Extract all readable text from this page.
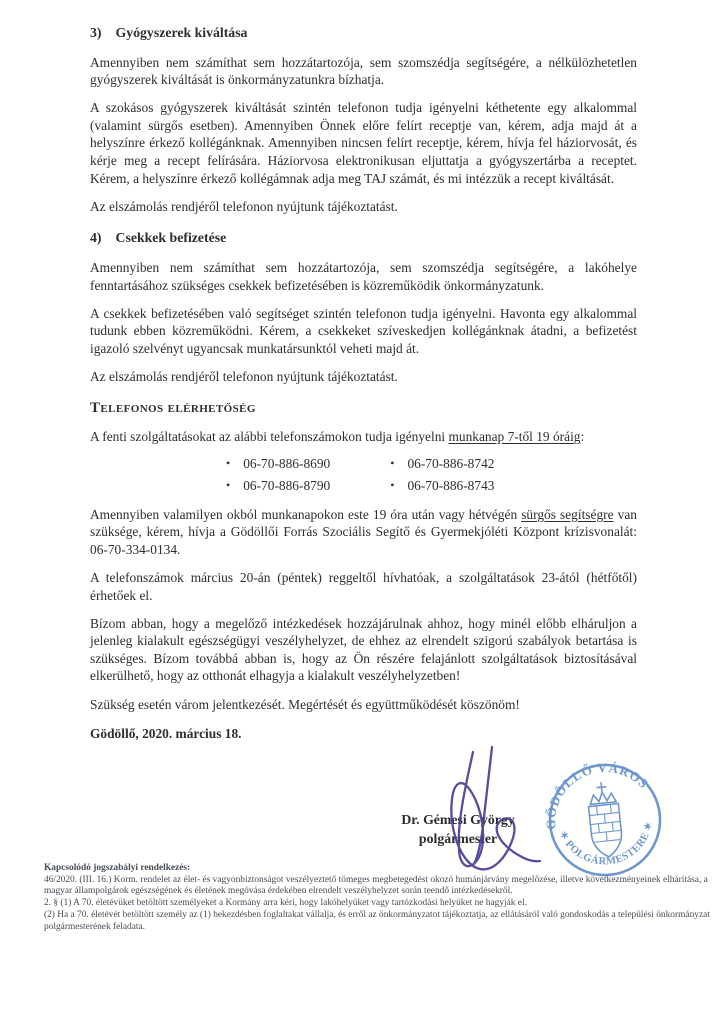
3) Gyógyszerek kiváltása

Amennyiben nem számíthat sem hozzátartozója, sem szomszédja segítségére, a nélkülözhetetlen gyógyszerek kiváltását is önkormányzatunkra bízhatja.

A szokásos gyógyszerek kiváltását szintén telefonon tudja igényelni kéthetente egy alkalommal (valamint sürgős esetben). Amennyiben Önnek előre felírt receptje van, kérem, adja majd át a helyszínre érkező kollégánknak. Amennyiben nincsen felírt receptje, kérem, hívja fel háziorvosát, és kérje meg a recept felírására. Háziorvosa elektronikusan eljuttatja a gyógyszertárba a receptet. Kérem, a helyszínre érkező kollégámnak adja meg TAJ számát, és mi intézzük a recept kiváltását.

Az elszámolás rendjéről telefonon nyújtunk tájékoztatást.

4) Csekkek befizetése

Amennyiben nem számíthat sem hozzátartozója, sem szomszédja segítségére, a lakóhelye fenntartásához szükséges csekkek befizetésében is közreműködik önkormányzatunk.

A csekkek befizetésében való segítséget szintén telefonon tudja igényelni. Havonta egy alkalommal tudunk ebben közreműködni. Kérem, a csekkeket szíveskedjen kollégánknak átadni, a befizetést igazoló szelvényt ugyancsak munkatársunktól veheti majd át.

Az elszámolás rendjéről telefonon nyújtunk tájékoztatást.

Telefonos elérhetőség

A fenti szolgáltatásokat az alábbi telefonszámokon tudja igényelni munkanap 7-től 19 óráig:

• 06-70-886-8690
• 06-70-886-8790
• 06-70-886-8742
• 06-70-886-8743

Amennyiben valamilyen okból munkanapokon este 19 óra után vagy hétvégén sürgős segítségre van szüksége, kérem, hívja a Gödöllői Forrás Szociális Segítő és Gyermekjóléti Központ krízisvonalát: 06-70-334-0134.

A telefonszámok március 20-án (péntek) reggeltől hívhatóak, a szolgáltatások 23-ától (hétfőtől) érhetőek el.

Bízom abban, hogy a megelőző intézkedések hozzájárulnak ahhoz, hogy minél előbb elháruljon a jelenleg kialakult egészségügyi veszélyhelyzet, de ehhez az elrendelt szigorú szabályok betartása is szükséges. Bízom továbbá abban is, hogy az Ön részére felajánlott szolgáltatások biztosításával elkerülhető, hogy az otthonát elhagyja a kialakult veszélyhelyzetben!

Szükség esetén várom jelentkezését. Megértését és együttműködését köszönöm!

Gödöllő, 2020. március 18.

Dr. Gémesi György
polgármester
GÖDÖLLŐ VÁROS
✶ POLGÁRMESTERE ✶

Kapcsolódó jogszabályi rendelkezés:

46/2020. (III. 16.) Korm. rendelet az élet- és vagyonbiztonságot veszélyeztető tömeges megbetegedést okozó humánjárvány megelőzése, illetve következményeinek elhárítása, a magyar állampolgárok egészségének és életének megóvása érdekében elrendelt veszélyhelyzet során teendő intézkedésekről.

2. § (1) A 70. életévüket betöltött személyeket a Kormány arra kéri, hogy lakóhelyüket vagy tartózkodási helyüket ne hagyják el.

(2) Ha a 70. életévét betöltött személy az (1) bekezdésben foglaltakat vállalja, és erről az önkormányzatot tájékoztatja, az ellátásáról való gondoskodás a települési önkormányzat polgármesterének feladata.
